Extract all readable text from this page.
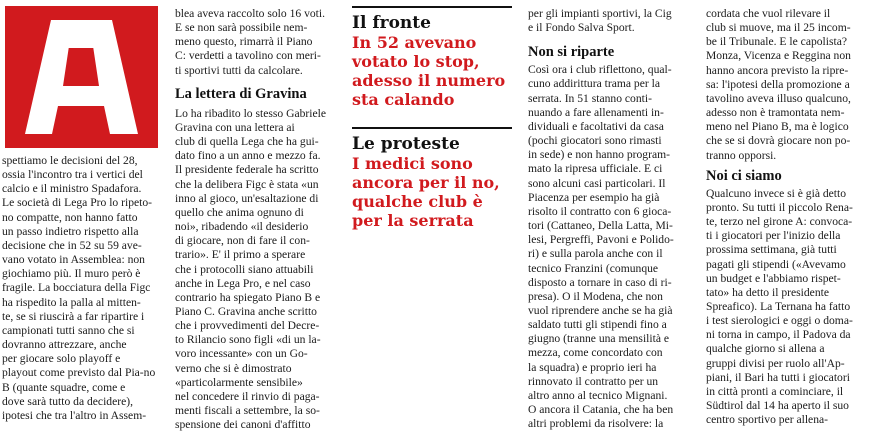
spettiamo le decisioni del 28,
ossia l'incontro tra i vertici del
calcio e il ministro Spadafora.
Le società di Lega Pro lo ripeto-
no compatte, non hanno fatto
un passo indietro rispetto alla
decisione che in 52 su 59 ave-
vano votato in Assemblea: non
giochiamo più. Il muro però è
fragile. La bocciatura della Figc
ha rispedito la palla al mitten-
te, se si riuscirà a far ripartire i
campionati tutti sanno che si
dovranno attrezzare, anche
per giocare solo playoff e
playout come previsto dal Pia-no
B (quante squadre, come e
dove sarà tutto da decidere),
ipotesi che tra l'altro in Assem-
blea aveva raccolto solo 16 voti.
E se non sarà possibile nem-
meno questo, rimarrà il Piano
C: verdetti a tavolino con meri-
ti sportivi tutti da calcolare.

La lettera di Gravina

Lo ha ribadito lo stesso Gabriele
Gravina con una lettera ai
club di quella Lega che ha gui-
dato fino a un anno e mezzo fa.
Il presidente federale ha scritto
che la delibera Figc è stata «un
inno al gioco, un'esaltazione di
quello che anima ognuno di
noi», ribadendo «il desiderio
di giocare, non di fare il con-
trario». E' il primo a sperare
che i protocolli siano attuabili
anche in Lega Pro, e nel caso
contrario ha spiegato Piano B e
Piano C. Gravina anche scritto
che i provvedimenti del Decre-
to Rilancio sono figli «di un la-
voro incessante» con un Go-
verno che si è dimostrato
«particolarmente sensibile»
nel concedere il rinvio di paga-
menti fiscali a settembre, la so-
spensione dei canoni d'affitto

Il fronte

In 52 avevano votato lo stop, adesso il numero sta calando

Le proteste

I medici sono ancora per il no, qualche club è per la serrata

per gli impianti sportivi, la Cig
e il Fondo Salva Sport.

Non si riparte

Così ora i club riflettono, qual-
cuno addirittura trama per la
serrata. In 51 stanno conti-
nuando a fare allenamenti in-
dividuali e facoltativi da casa
(pochi giocatori sono rimasti
in sede) e non hanno program-
mato la ripresa ufficiale. E ci
sono alcuni casi particolari. Il
Piacenza per esempio ha già
risolto il contratto con 6 gioca-
tori (Cattaneo, Della Latta, Mi-
lesi, Pergreffi, Pavoni e Polido-
ri) e sulla parola anche con il
tecnico Franzini (comunque
disposto a tornare in caso di ri-
presa). O il Modena, che non
vuol riprendere anche se ha già
saldato tutti gli stipendi fino a
giugno (tranne una mensilità e
mezza, come concordato con
la squadra) e proprio ieri ha
rinnovato il contratto per un
altro anno al tecnico Mignani.
O ancora il Catania, che ha ben
altri problemi da risolvere: la
cordata che vuol rilevare il
club si muove, ma il 25 incom-
be il Tribunale. E le capolista?
Monza, Vicenza e Reggina non
hanno ancora previsto la ripre-
sa: l'ipotesi della promozione a
tavolino aveva illuso qualcuno,
adesso non è tramontata nem-
meno nel Piano B, ma è logico
che se si dovrà giocare non po-
tranno opporsi.

Noi ci siamo

Qualcuno invece si è già detto
pronto. Su tutti il piccolo Rena-
te, terzo nel girone A: convoca-
ti i giocatori per l'inizio della
prossima settimana, già tutti
pagati gli stipendi («Avevamo
un budget e l'abbiamo rispet-
tato» ha detto il presidente
Spreafico). La Ternana ha fatto
i test sierologici e oggi o doma-
ni torna in campo, il Padova da
qualche giorno si allena a
gruppi divisi per ruolo all'Ap-
piani, il Bari ha tutti i giocatori
in città pronti a cominciare, il
Südtirol dal 14 ha aperto il suo
centro sportivo per allena-
